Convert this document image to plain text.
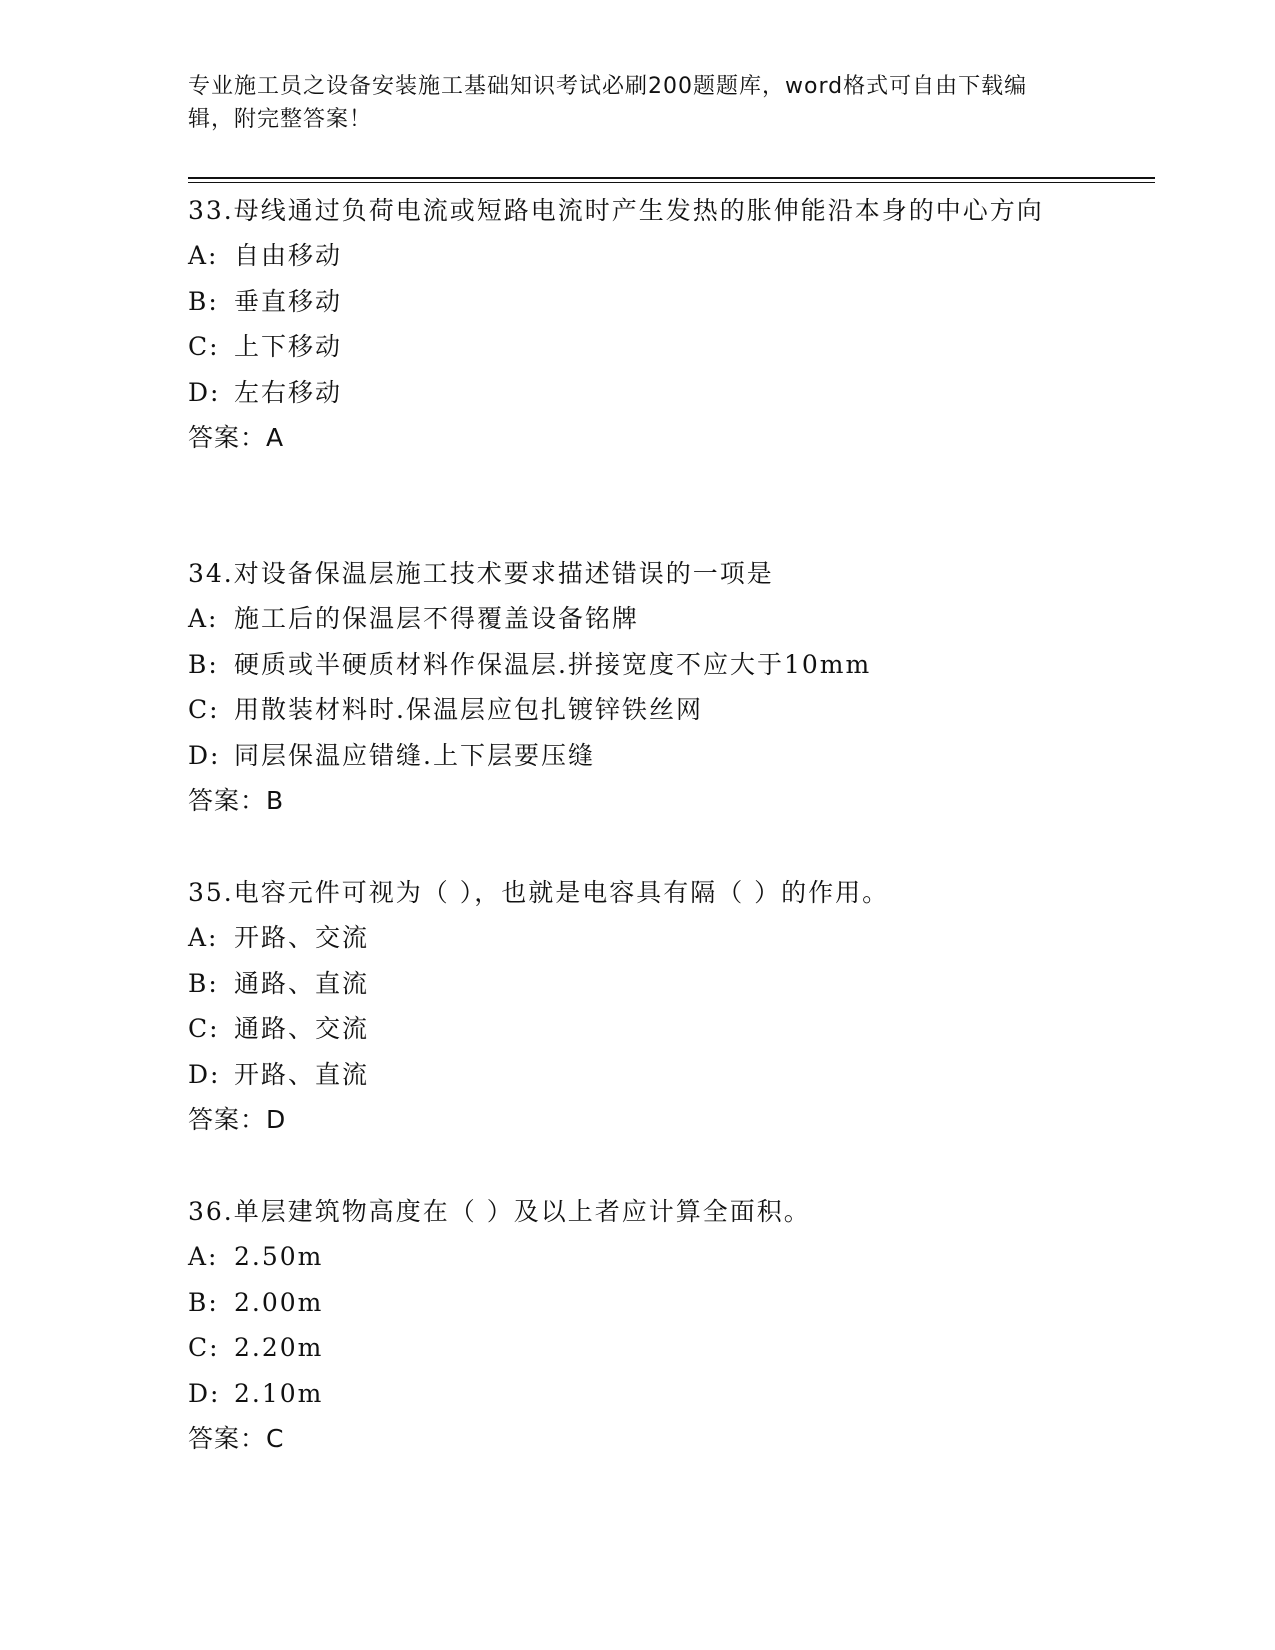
专业施工员之设备安装施工基础知识考试必刷200题题库，word格式可自由下载编辑，附完整答案！

33.母线通过负荷电流或短路电流时产生发热的胀伸能沿本身的中心方向

A: 自由移动

B: 垂直移动

C: 上下移动

D: 左右移动

答案：A

34.对设备保温层施工技术要求描述错误的一项是

A: 施工后的保温层不得覆盖设备铭牌

B: 硬质或半硬质材料作保温层.拼接宽度不应大于10mm

C: 用散装材料时.保温层应包扎镀锌铁丝网

D: 同层保温应错缝.上下层要压缝

答案：B

35.电容元件可视为（ ），也就是电容具有隔（ ）的作用。

A: 开路、交流

B: 通路、直流

C: 通路、交流

D: 开路、直流

答案：D

36.单层建筑物高度在（ ）及以上者应计算全面积。

A: 2.50m

B: 2.00m

C: 2.20m

D: 2.10m

答案：C
